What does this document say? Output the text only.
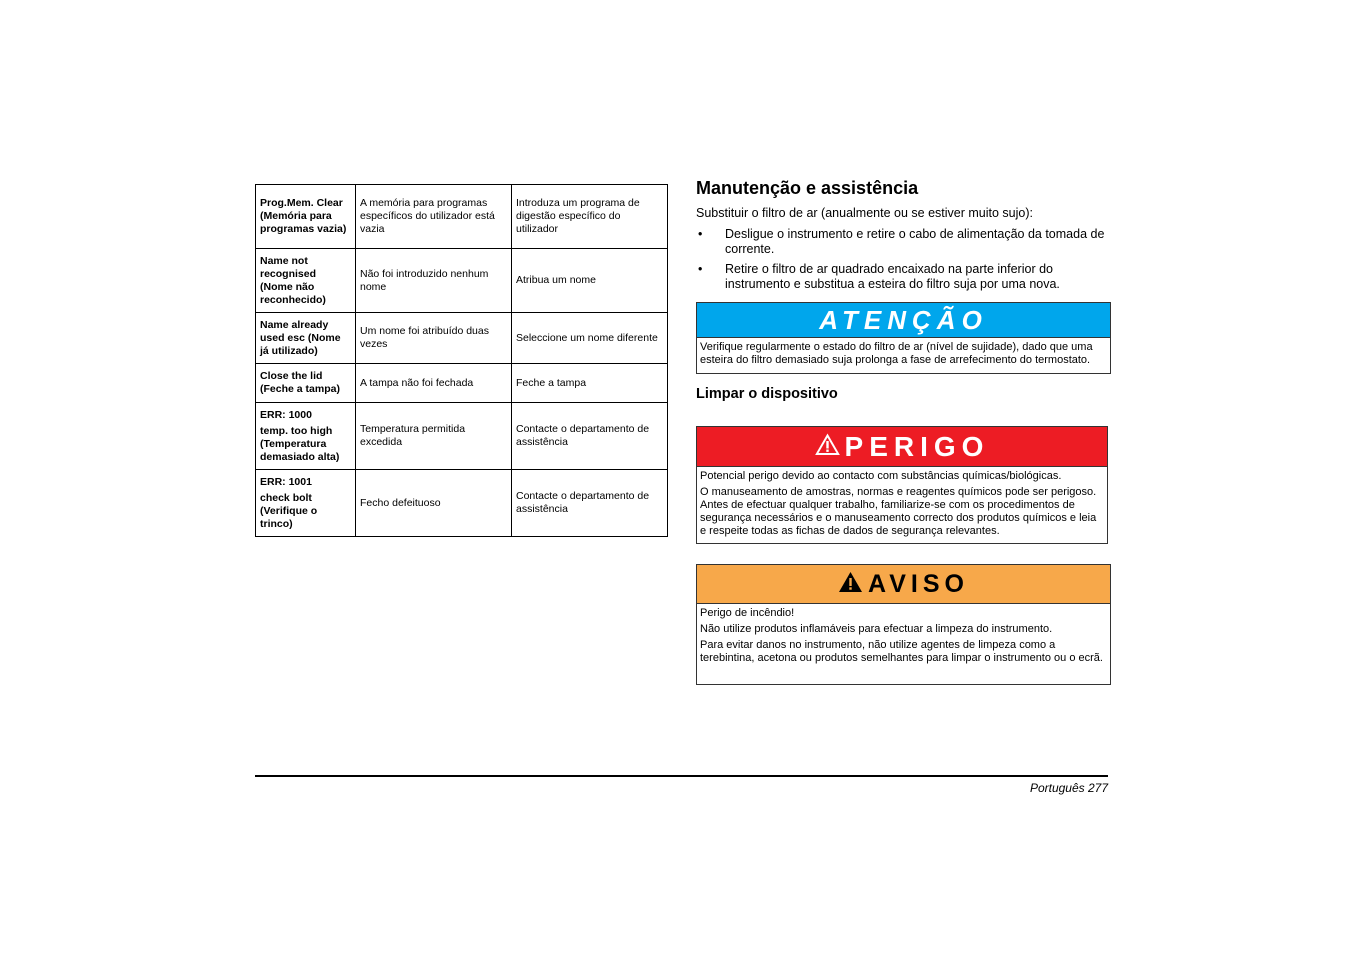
Prog.Mem. Clear (Memória para programas vazia)	A memória para programas específicos do utilizador está vazia	Introduza um programa de digestão específico do utilizador

Name not recognised (Nome não reconhecido)	Não foi introduzido nenhum nome	Atribua um nome

Name already used esc (Nome já utilizado)	Um nome foi atribuído duas vezes	Seleccione um nome diferente

Close the lid (Feche a tampa)	A tampa não foi fechada	Feche a tampa

ERR: 1000
temp. too high (Temperatura demasiado alta)	Temperatura permitida excedida	Contacte o departamento de assistência

ERR: 1001
check bolt (Verifique o trinco)	Fecho defeituoso	Contacte o departamento de assistência
Manutenção e assistência

Substituir o filtro de ar (anualmente ou se estiver muito sujo):

• Desligue o instrumento e retire o cabo de alimentação da tomada de corrente.
• Retire o filtro de ar quadrado encaixado na parte inferior do instrumento e substitua a esteira do filtro suja por uma nova.
ATENÇÃO

Verifique regularmente o estado do filtro de ar (nível de sujidade), dado que uma esteira do filtro demasiado suja prolonga a fase de arrefecimento do termostato.

Limpar o dispositivo
PERIGO

Potencial perigo devido ao contacto com substâncias químicas/biológicas.

O manuseamento de amostras, normas e reagentes químicos pode ser perigoso. Antes de efectuar qualquer trabalho, familiarize-se com os procedimentos de segurança necessários e o manuseamento correcto dos produtos químicos e leia e respeite todas as fichas de dados de segurança relevantes.

AVISO

Perigo de incêndio!

Não utilize produtos inflamáveis para efectuar a limpeza do instrumento.

Para evitar danos no instrumento, não utilize agentes de limpeza como a terebintina, acetona ou produtos semelhantes para limpar o instrumento ou o ecrã.

Português 277
